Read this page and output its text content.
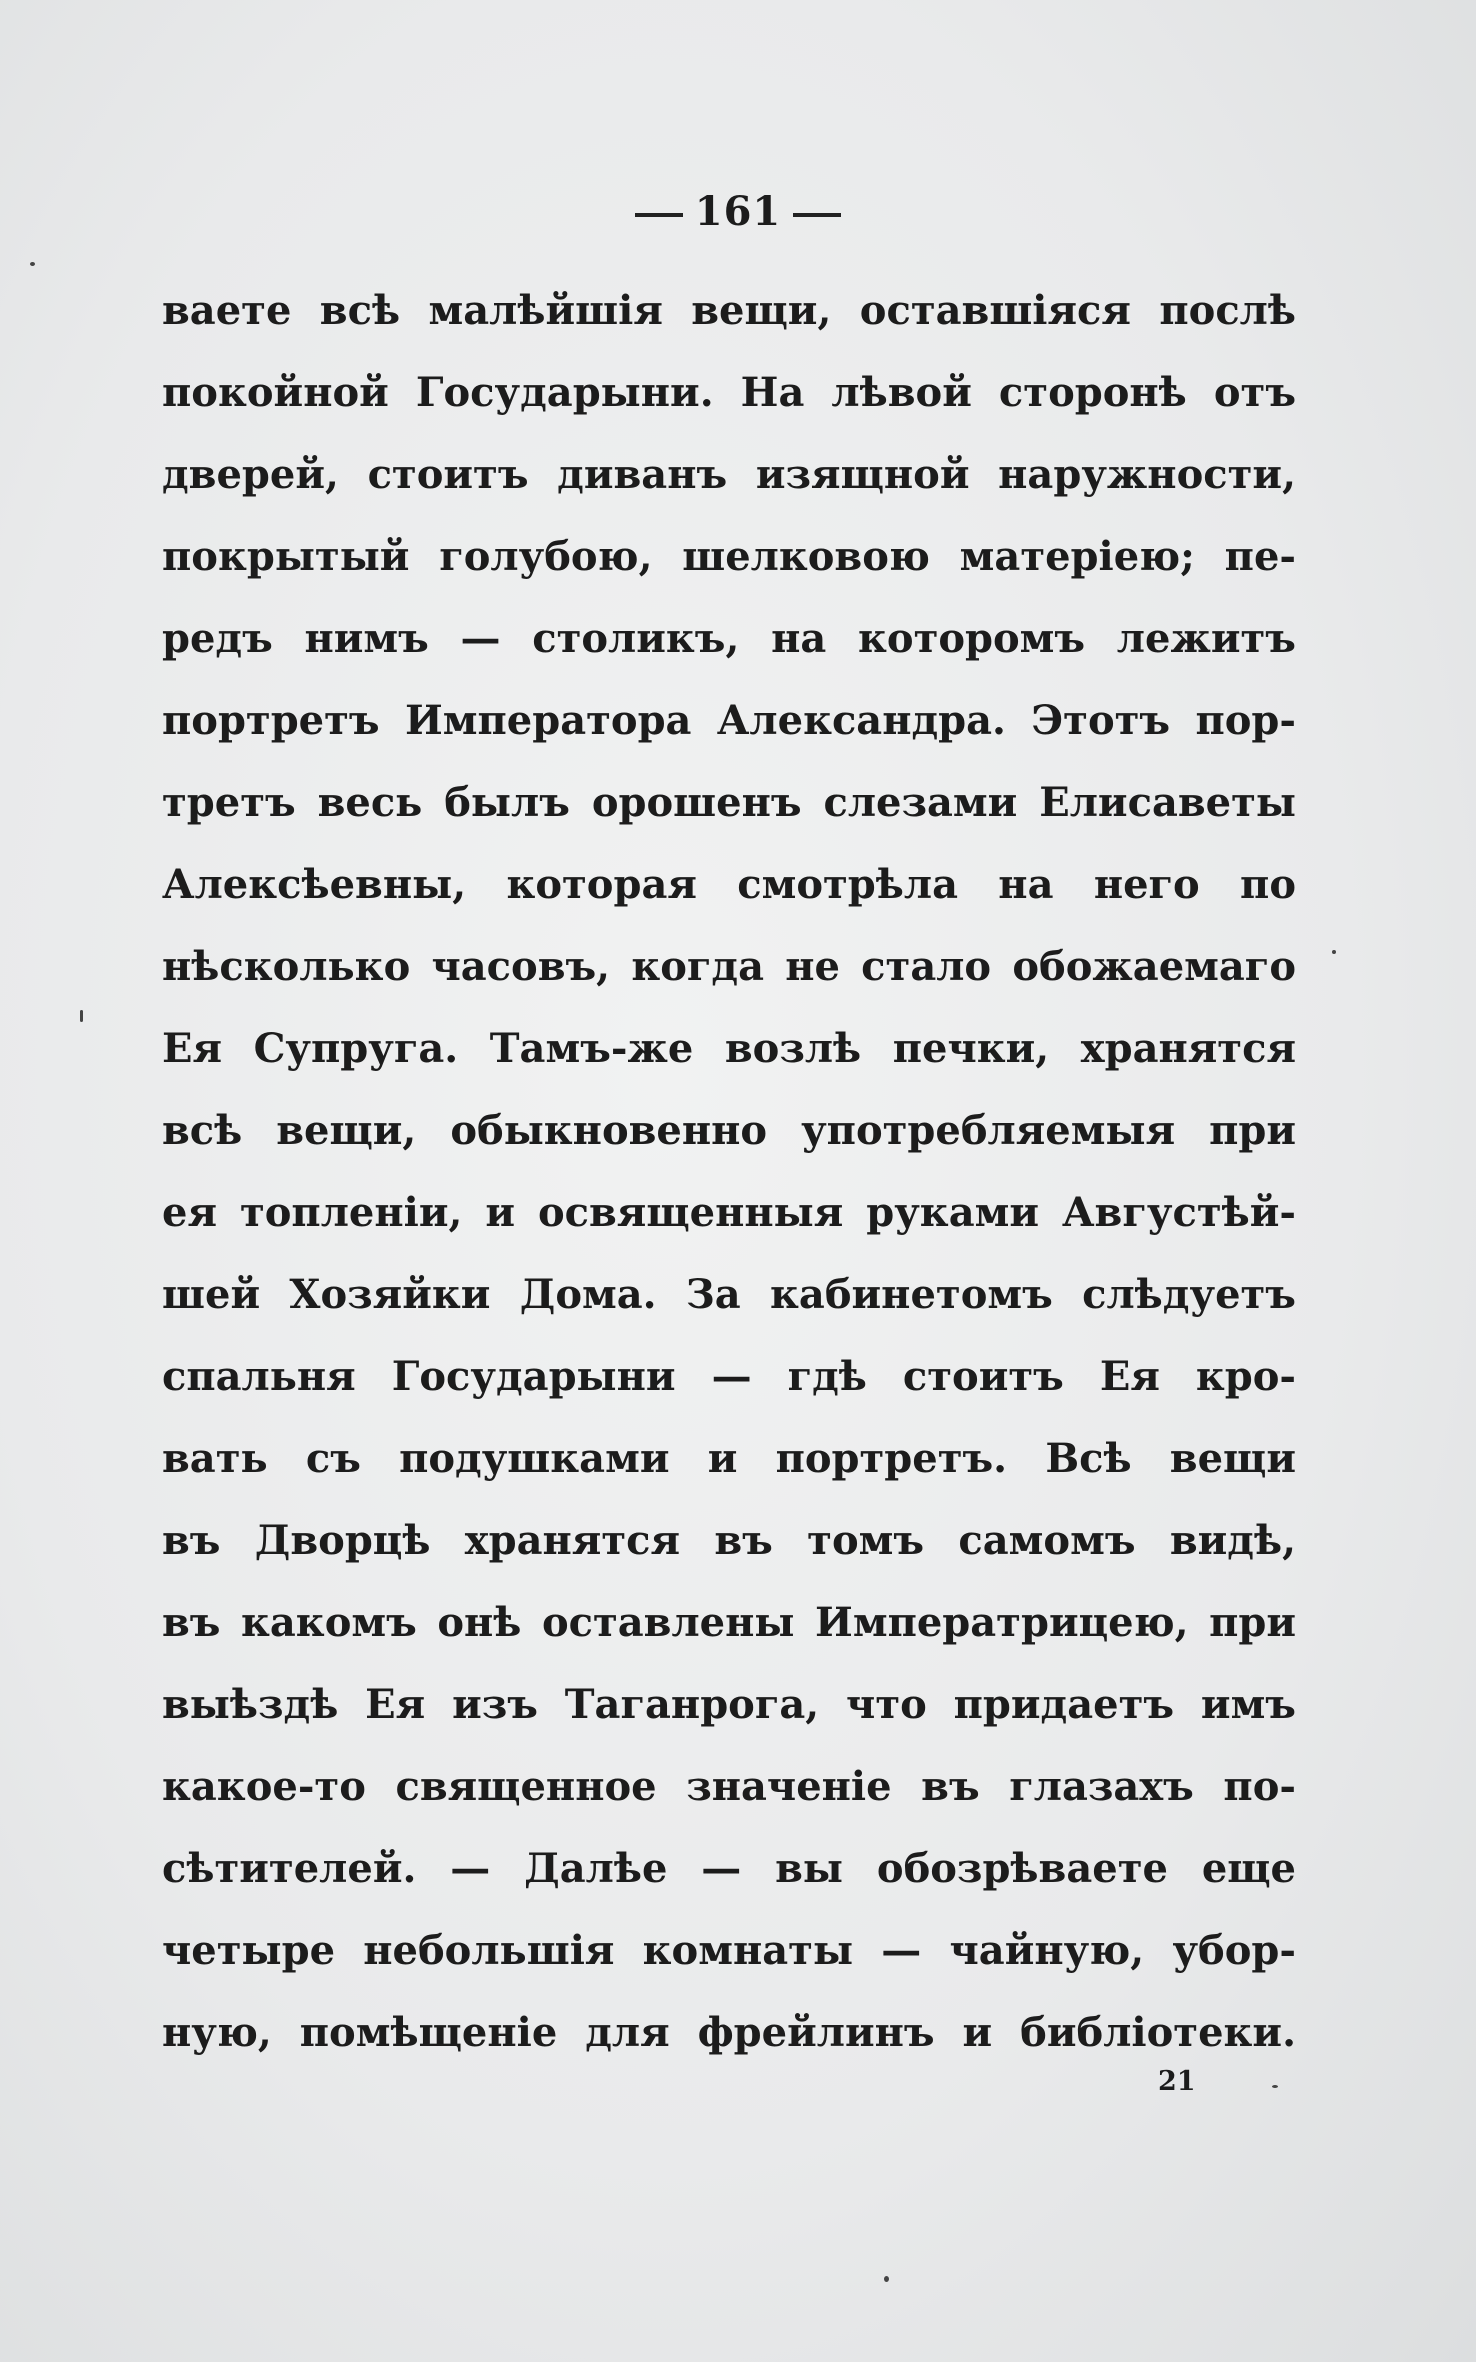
161
ваете всѣ малѣйшія вещи, оставшіяся послѣ
покойной Государыни. На лѣвой сторонѣ отъ
дверей, стоитъ диванъ изящной наружности,
покрытый голубою, шелковою матеріею; пе-
редъ нимъ — столикъ, на которомъ лежитъ
портретъ Императора Александра. Этотъ пор-
третъ весь былъ орошенъ слезами Елисаветы
Алексѣевны, которая смотрѣла на него по
нѣсколько часовъ, когда не стало обожаемаго
Ея Супруга. Тамъ-же возлѣ печки, хранятся
всѣ вещи, обыкновенно употребляемыя при
ея топленіи, и освященныя руками Августѣй-
шей Хозяйки Дома. За кабинетомъ слѣдуетъ
спальня Государыни — гдѣ стоитъ Ея кро-
вать съ подушками и портретъ. Всѣ вещи
въ Дворцѣ хранятся въ томъ самомъ видѣ,
въ какомъ онѣ оставлены Императрицею, при
выѣздѣ Ея изъ Таганрога, что придаетъ имъ
какое-то священное значеніе въ глазахъ по-
сѣтителей. — Далѣе — вы обозрѣваете еще
четыре небольшія комнаты — чайную, убор-
ную, помѣщеніе для фрейлинъ и библіотеки.
21
